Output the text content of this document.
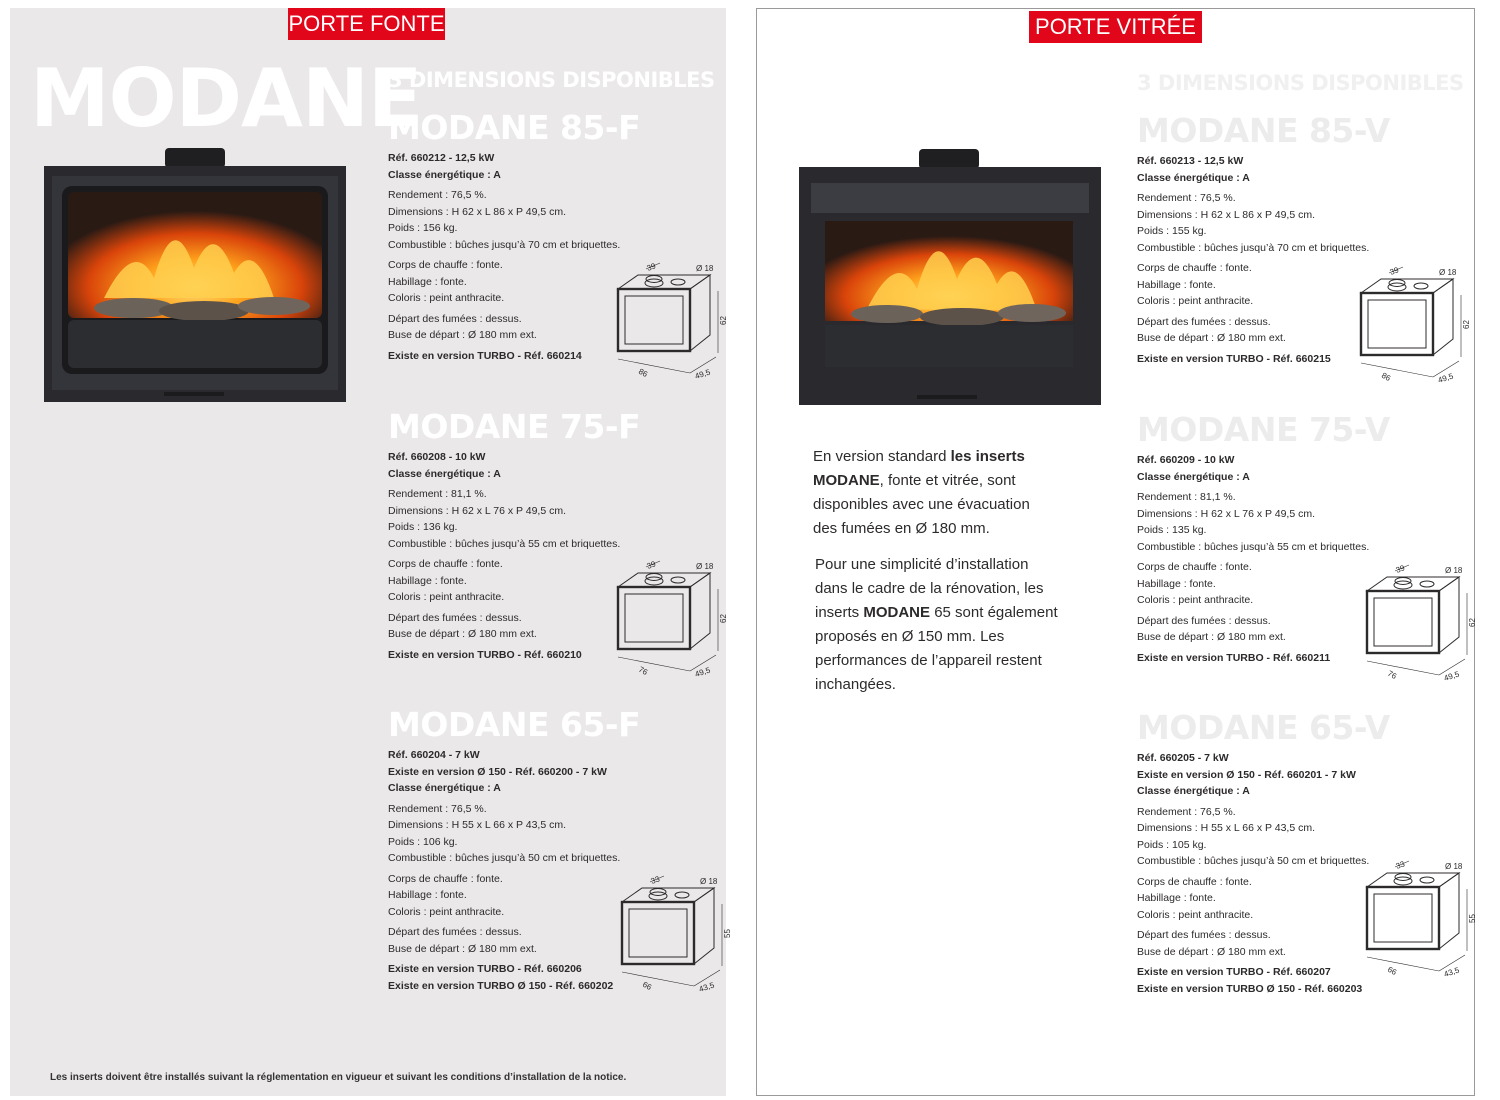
PORTE FONTE
MODANE
3 DIMENSIONS DISPONIBLES
MODANE 85-F
Réf. 660212 - 12,5 kW
Classe énergétique : A
Rendement : 76,5 %.
Dimensions : H 62 x L 86 x P 49,5 cm.
Poids : 156 kg.
Combustible : bûches jusqu’à 70 cm et briquettes.
Corps de chauffe : fonte.
Habillage : fonte.
Coloris : peint anthracite.
Départ des fumées : dessus.
Buse de départ : Ø 180 mm ext.
Existe en version TURBO - Réf. 660214
39	Ø 18
62
86	49,5
MODANE 75-F
Réf. 660208 - 10 kW
Classe énergétique : A
Rendement : 81,1 %.
Dimensions : H 62 x L 76 x P 49,5 cm.
Poids : 136 kg.
Combustible : bûches jusqu’à 55 cm et briquettes.
Corps de chauffe : fonte.
Habillage : fonte.
Coloris : peint anthracite.
Départ des fumées : dessus.
Buse de départ : Ø 180 mm ext.
Existe en version TURBO - Réf. 660210
39	Ø 18
62
76	49,5
MODANE 65-F
Réf. 660204 - 7 kW
Existe en version Ø 150 - Réf. 660200 - 7 kW
Classe énergétique : A
Rendement : 76,5 %.
Dimensions : H 55 x L 66 x P 43,5 cm.
Poids : 106 kg.
Combustible : bûches jusqu’à 50 cm et briquettes.
Corps de chauffe : fonte.
Habillage : fonte.
Coloris : peint anthracite.
Départ des fumées : dessus.
Buse de départ : Ø 180 mm ext.
Existe en version TURBO - Réf. 660206
Existe en version TURBO Ø 150 - Réf. 660202
33	Ø 18
55
66	43,5
Les inserts doivent être installés suivant la réglementation en vigueur et suivant les conditions d’installation de la notice.
PORTE VITRÉE
3 DIMENSIONS DISPONIBLES
En version standard les inserts MODANE, fonte et vitrée, sont disponibles avec une évacuation des fumées en Ø 180 mm.
Pour une simplicité d’installation dans le cadre de la rénovation, les inserts MODANE 65 sont également proposés en Ø 150 mm. Les performances de l’appareil restent inchangées.
MODANE 85-V
Réf. 660213 - 12,5 kW
Classe énergétique : A
Rendement : 76,5 %.
Dimensions : H 62 x L 86 x P 49,5 cm.
Poids : 155 kg.
Combustible : bûches jusqu’à 70 cm et briquettes.
Corps de chauffe : fonte.
Habillage : fonte.
Coloris : peint anthracite.
Départ des fumées : dessus.
Buse de départ : Ø 180 mm ext.
Existe en version TURBO - Réf. 660215
39	Ø 18
62
86	49,5
MODANE 75-V
Réf. 660209 - 10 kW
Classe énergétique : A
Rendement : 81,1 %.
Dimensions : H 62 x L 76 x P 49,5 cm.
Poids : 135 kg.
Combustible : bûches jusqu’à 55 cm et briquettes.
Corps de chauffe : fonte.
Habillage : fonte.
Coloris : peint anthracite.
Départ des fumées : dessus.
Buse de départ : Ø 180 mm ext.
Existe en version TURBO - Réf. 660211
39	Ø 18
62
76	49,5
MODANE 65-V
Réf. 660205 - 7 kW
Existe en version Ø 150 - Réf. 660201 - 7 kW
Classe énergétique : A
Rendement : 76,5 %.
Dimensions : H 55 x L 66 x P 43,5 cm.
Poids : 105 kg.
Combustible : bûches jusqu’à 50 cm et briquettes.
Corps de chauffe : fonte.
Habillage : fonte.
Coloris : peint anthracite.
Départ des fumées : dessus.
Buse de départ : Ø 180 mm ext.
Existe en version TURBO - Réf. 660207
Existe en version TURBO Ø 150 - Réf. 660203
33	Ø 18
55
66	43,5
